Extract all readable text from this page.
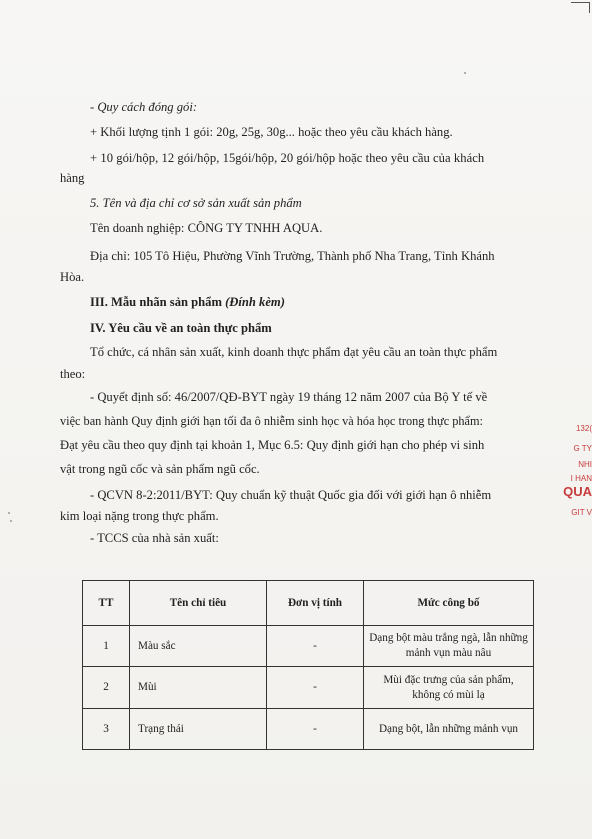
- Quy cách đóng gói:
+ Khối lượng tịnh 1 gói: 20g, 25g, 30g... hoặc theo yêu cầu khách hàng.
+ 10 gói/hộp, 12 gói/hộp, 15gói/hộp, 20 gói/hộp hoặc theo yêu cầu của khách
hàng
5. Tên và địa chỉ cơ sở sản xuất sản phẩm
Tên doanh nghiệp: CÔNG TY TNHH AQUA.
Địa chỉ: 105 Tô Hiệu, Phường Vĩnh Trường, Thành phố Nha Trang, Tỉnh Khánh
Hòa.
III. Mẫu nhãn sản phẩm (Đính kèm)
IV. Yêu cầu về an toàn thực phẩm
Tổ chức, cá nhân sản xuất, kinh doanh thực phẩm đạt yêu cầu an toàn thực phẩm
theo:
- Quyết định số: 46/2007/QĐ-BYT ngày 19 tháng 12 năm 2007 của Bộ Y tế về
việc ban hành Quy định giới hạn tối đa ô nhiễm sinh học và hóa học trong thực phẩm:
Đạt yêu cầu theo quy định tại khoản 1, Mục 6.5: Quy định giới hạn cho phép vi sinh
vật trong ngũ cốc và sản phẩm ngũ cốc.
- QCVN 8-2:2011/BYT: Quy chuẩn kỹ thuật Quốc gia đối với giới hạn ô nhiễm
kim loại nặng trong thực phẩm.
- TCCS của nhà sản xuất:
132(
G TY
NHI
I HAN
QUA
GIT V
TT	Tên chỉ tiêu	Đơn vị tính	Mức công bố
1	Màu sắc	-	Dạng bột màu trắng ngà, lẫn những mảnh vụn màu nâu
2	Mùi	-	Mùi đặc trưng của sản phẩm, không có mùi lạ
3	Trạng thái	-	Dạng bột, lẫn những mảnh vụn
